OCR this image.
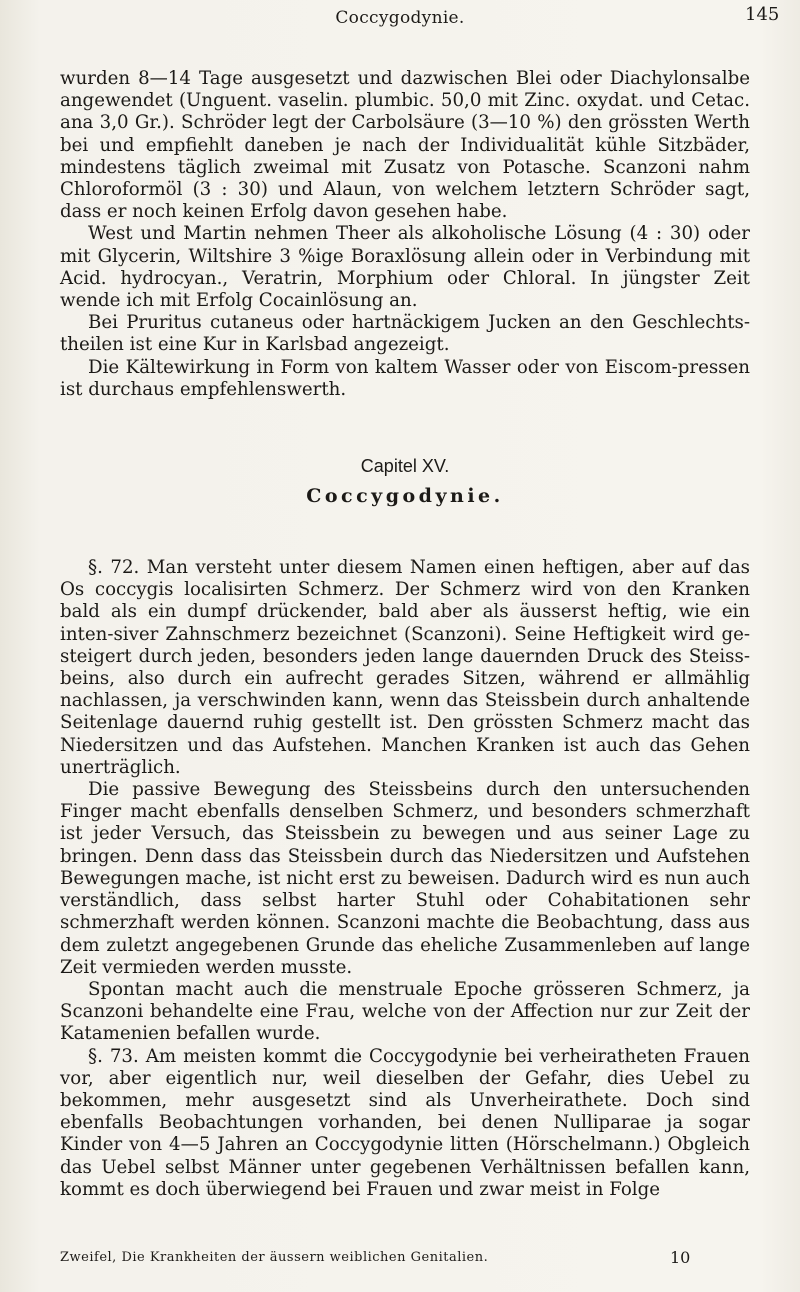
Coccygodynie.	145

wurden 8—14 Tage ausgesetzt und dazwischen Blei oder Diachylonsalbe angewendet (Unguent. vaselin. plumbic. 50,0 mit Zinc. oxydat. und Cetac. ana 3,0 Gr.). Schröder legt der Carbolsäure (3—10 %) den grössten Werth bei und empfiehlt daneben je nach der Individualität kühle Sitzbäder, mindestens täglich zweimal mit Zusatz von Potasche. Scanzoni nahm Chloroformöl (3 : 30) und Alaun, von welchem letztern Schröder sagt, dass er noch keinen Erfolg davon gesehen habe.

West und Martin nehmen Theer als alkoholische Lösung (4 : 30) oder mit Glycerin, Wiltshire 3 %ige Boraxlösung allein oder in Verbindung mit Acid. hydrocyan., Veratrin, Morphium oder Chloral. In jüngster Zeit wende ich mit Erfolg Cocainlösung an.

Bei Pruritus cutaneus oder hartnäckigem Jucken an den Geschlechts-theilen ist eine Kur in Karlsbad angezeigt.

Die Kältewirkung in Form von kaltem Wasser oder von Eiscom-pressen ist durchaus empfehlenswerth.

Capitel XV.
Coccygodynie.

§. 72. Man versteht unter diesem Namen einen heftigen, aber auf das Os coccygis localisirten Schmerz. Der Schmerz wird von den Kranken bald als ein dumpf drückender, bald aber als äusserst heftig, wie ein inten-siver Zahnschmerz bezeichnet (Scanzoni). Seine Heftigkeit wird ge-steigert durch jeden, besonders jeden lange dauernden Druck des Steiss-beins, also durch ein aufrecht gerades Sitzen, während er allmählig nachlassen, ja verschwinden kann, wenn das Steissbein durch anhaltende Seitenlage dauernd ruhig gestellt ist. Den grössten Schmerz macht das Niedersitzen und das Aufstehen. Manchen Kranken ist auch das Gehen unerträglich.

Die passive Bewegung des Steissbeins durch den untersuchenden Finger macht ebenfalls denselben Schmerz, und besonders schmerzhaft ist jeder Versuch, das Steissbein zu bewegen und aus seiner Lage zu bringen. Denn dass das Steissbein durch das Niedersitzen und Aufstehen Bewegungen mache, ist nicht erst zu beweisen. Dadurch wird es nun auch verständlich, dass selbst harter Stuhl oder Cohabitationen sehr schmerzhaft werden können. Scanzoni machte die Beobachtung, dass aus dem zuletzt angegebenen Grunde das eheliche Zusammenleben auf lange Zeit vermieden werden musste.

Spontan macht auch die menstruale Epoche grösseren Schmerz, ja Scanzoni behandelte eine Frau, welche von der Affection nur zur Zeit der Katamenien befallen wurde.

§. 73. Am meisten kommt die Coccygodynie bei verheiratheten Frauen vor, aber eigentlich nur, weil dieselben der Gefahr, dies Uebel zu bekommen, mehr ausgesetzt sind als Unverheirathete. Doch sind ebenfalls Beobachtungen vorhanden, bei denen Nulliparae ja sogar Kinder von 4—5 Jahren an Coccygodynie litten (Hörschelmann.) Obgleich das Uebel selbst Männer unter gegebenen Verhältnissen befallen kann, kommt es doch überwiegend bei Frauen und zwar meist in Folge

Zweifel, Die Krankheiten der äussern weiblichen Genitalien.	10
